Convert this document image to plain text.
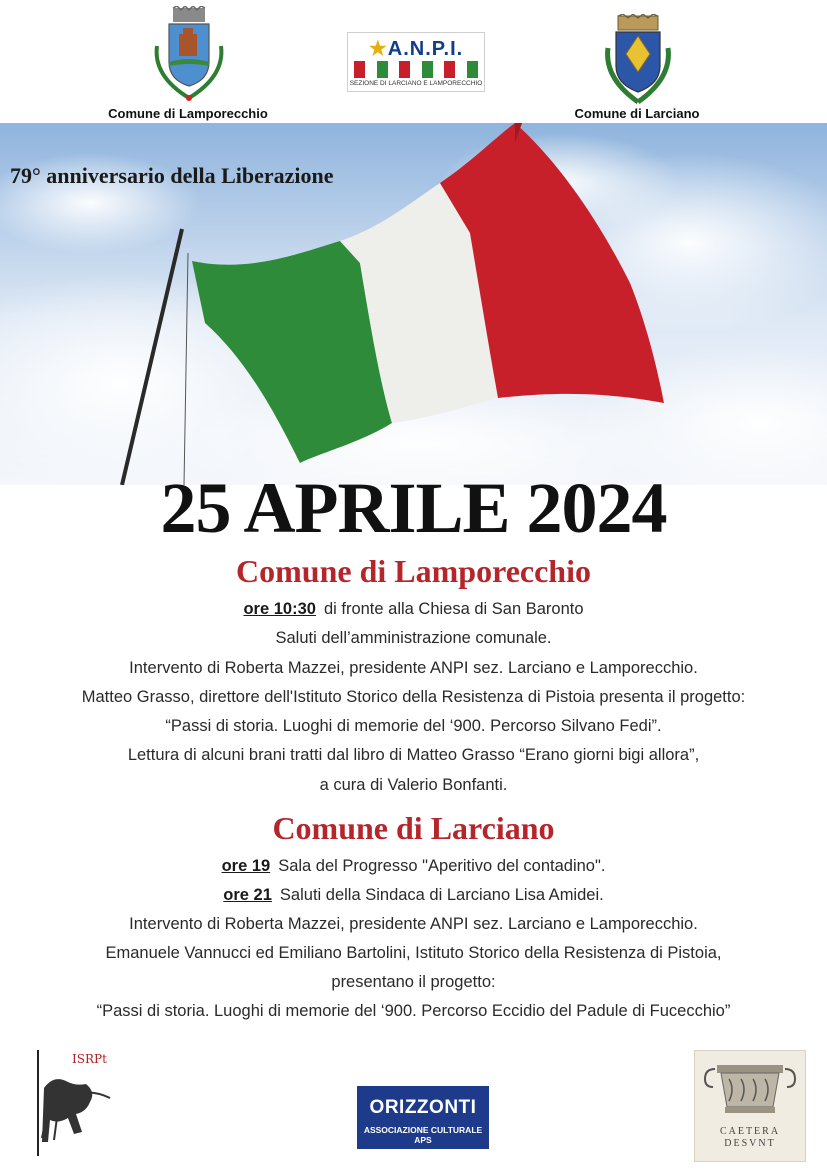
Comune di Lamporecchio
★A.N.P.I.
SEZIONE DI LARCIANO E LAMPORECCHIO
Comune di Larciano
79° anniversario della Liberazione
25 APRILE 2024
Comune di Lamporecchio
ore 10:30 di fronte alla Chiesa di San Baronto
Saluti dell’amministrazione comunale.
Intervento di Roberta Mazzei, presidente ANPI sez. Larciano e Lamporecchio.
Matteo Grasso, direttore dell'Istituto Storico della Resistenza di Pistoia presenta il progetto:
“Passi di storia. Luoghi di memorie del ‘900. Percorso Silvano Fedi”.
Lettura di alcuni brani tratti dal libro di Matteo Grasso “Erano giorni bigi allora”,
a cura di Valerio Bonfanti.
Comune di Larciano
ore 19 Sala del Progresso "Aperitivo del contadino".
ore 21 Saluti della Sindaca di Larciano Lisa Amidei.
Intervento di Roberta Mazzei, presidente ANPI sez. Larciano e Lamporecchio.
Emanuele Vannucci ed Emiliano Bartolini, Istituto Storico della Resistenza di Pistoia,
presentano il progetto:
“Passi di storia. Luoghi di memorie del ‘900. Percorso Eccidio del Padule di Fucecchio”
ISRPt
ORIZZONTI
ASSOCIAZIONE CULTURALE APS
CAETERA
DESVNT
